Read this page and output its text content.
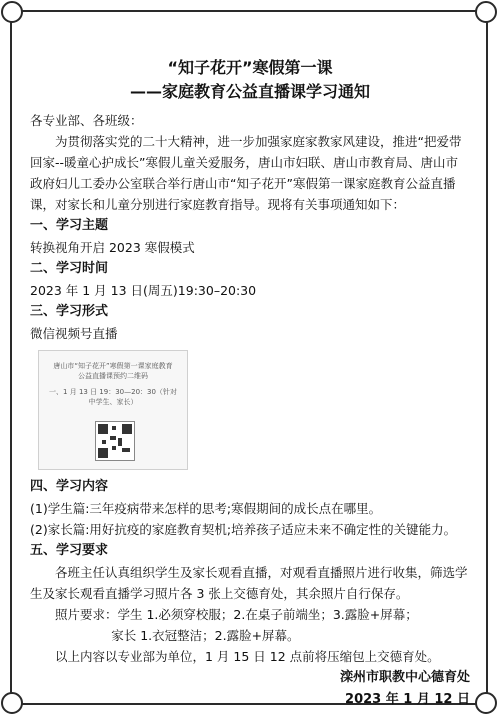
“知子花开”寒假第一课

——家庭教育公益直播课学习通知

各专业部、各班级：

为贯彻落实党的二十大精神，进一步加强家庭家教家风建设，推进“把爱带回家--暖童心护成长”寒假儿童关爱服务，唐山市妇联、唐山市教育局、唐山市政府妇儿工委办公室联合举行唐山市“知子花开”寒假第一课家庭教育公益直播课，对家长和儿童分别进行家庭教育指导。现将有关事项通知如下：

一、学习主题

转换视角开启 2023 寒假模式

二、学习时间

2023 年 1 月 13 日(周五)19:30–20:30

三、学习形式

微信视频号直播

唐山市“知子花开”寒假第一课家庭教育
公益直播课预约二维码
一、1 月 13 日 19：30—20：30（针对中学生、家长）

四、学习内容

(1)学生篇:三年疫病带来怎样的思考;寒假期间的成长点在哪里。

(2)家长篇:用好抗疫的家庭教育契机;培养孩子适应未来不确定性的关键能力。

五、学习要求

各班主任认真组织学生及家长观看直播，对观看直播照片进行收集，筛选学生及家长观看直播学习照片各 3 张上交德育处，其余照片自行保存。

照片要求：学生 1.必须穿校服；2.在桌子前端坐；3.露脸+屏幕；

家长 1.衣冠整洁；2.露脸+屏幕。

以上内容以专业部为单位，1 月 15 日 12 点前将压缩包上交德育处。

滦州市职教中心德育处

2023 年 1 月 12 日
